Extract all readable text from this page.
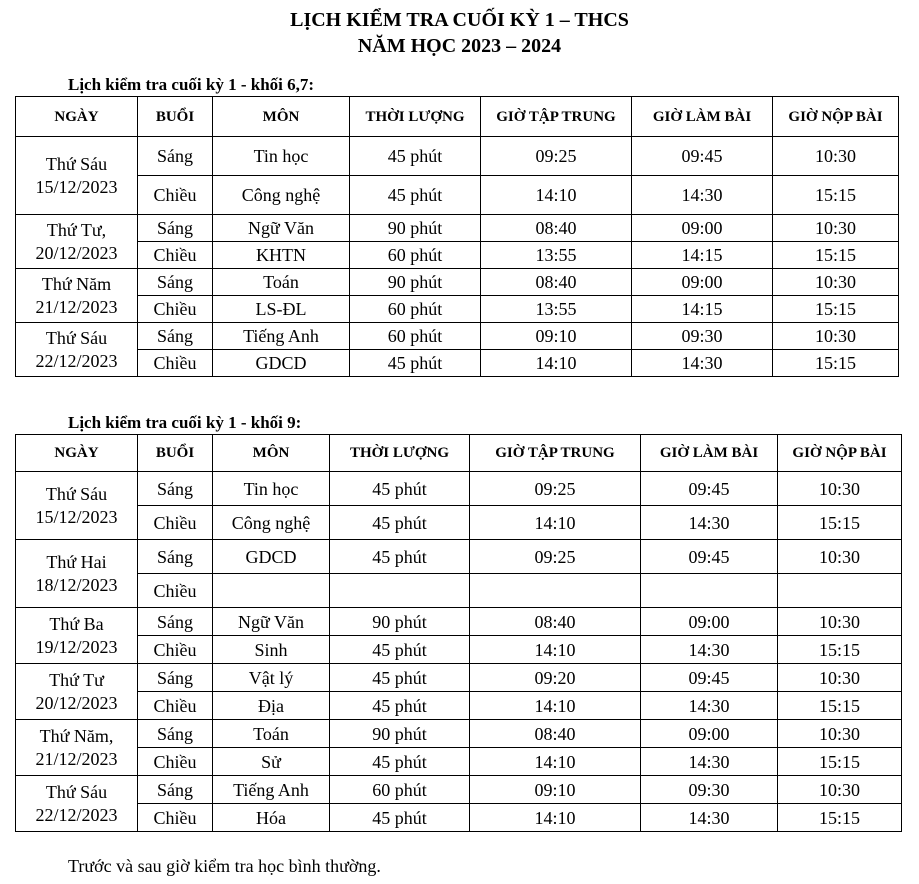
LỊCH KIỂM TRA CUỐI KỲ 1 – THCS
NĂM HỌC 2023 – 2024
Lịch kiểm tra cuối kỳ 1 - khối 6,7:
NGÀY	BUỔI	MÔN	THỜI LƯỢNG	GIỜ TẬP TRUNG	GIỜ LÀM BÀI	GIỜ NỘP BÀI
Thứ Sáu
15/12/2023	Sáng	Tin học	45 phút	09:25	09:45	10:30
	Chiều	Công nghệ	45 phút	14:10	14:30	15:15
Thứ Tư,
20/12/2023	Sáng	Ngữ Văn	90 phút	08:40	09:00	10:30
	Chiều	KHTN	60 phút	13:55	14:15	15:15
Thứ Năm
21/12/2023	Sáng	Toán	90 phút	08:40	09:00	10:30
	Chiều	LS-ĐL	60 phút	13:55	14:15	15:15
Thứ Sáu
22/12/2023	Sáng	Tiếng Anh	60 phút	09:10	09:30	10:30
	Chiều	GDCD	45 phút	14:10	14:30	15:15
Lịch kiểm tra cuối kỳ 1 - khối 9:
NGÀY	BUỔI	MÔN	THỜI LƯỢNG	GIỜ TẬP TRUNG	GIỜ LÀM BÀI	GIỜ NỘP BÀI
Thứ Sáu
15/12/2023	Sáng	Tin học	45 phút	09:25	09:45	10:30
	Chiều	Công nghệ	45 phút	14:10	14:30	15:15
Thứ Hai
18/12/2023	Sáng	GDCD	45 phút	09:25	09:45	10:30
	Chiều					
Thứ Ba
19/12/2023	Sáng	Ngữ Văn	90 phút	08:40	09:00	10:30
	Chiều	Sinh	45 phút	14:10	14:30	15:15
Thứ Tư
20/12/2023	Sáng	Vật lý	45 phút	09:20	09:45	10:30
	Chiều	Địa	45 phút	14:10	14:30	15:15
Thứ Năm,
21/12/2023	Sáng	Toán	90 phút	08:40	09:00	10:30
	Chiều	Sử	45 phút	14:10	14:30	15:15
Thứ Sáu
22/12/2023	Sáng	Tiếng Anh	60 phút	09:10	09:30	10:30
	Chiều	Hóa	45 phút	14:10	14:30	15:15
Trước và sau giờ kiểm tra học bình thường.
